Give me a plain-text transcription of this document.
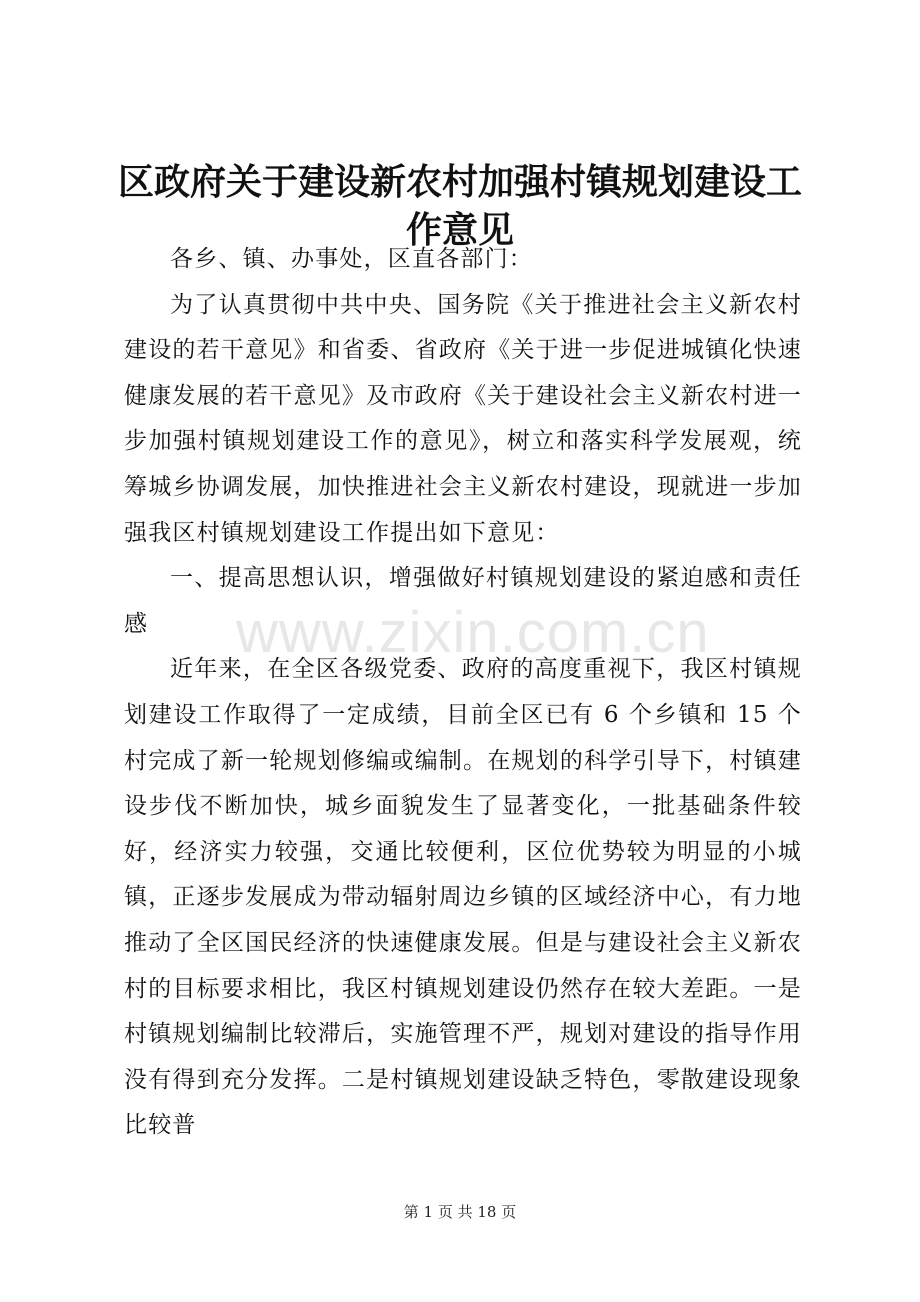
区政府关于建设新农村加强村镇规划建设工作意见

各乡、镇、办事处，区直各部门：

为了认真贯彻中共中央、国务院《关于推进社会主义新农村建设的若干意见》和省委、省政府《关于进一步促进城镇化快速健康发展的若干意见》及市政府《关于建设社会主义新农村进一步加强村镇规划建设工作的意见》，树立和落实科学发展观，统筹城乡协调发展，加快推进社会主义新农村建设，现就进一步加强我区村镇规划建设工作提出如下意见：

一、提高思想认识，增强做好村镇规划建设的紧迫感和责任感

近年来，在全区各级党委、政府的高度重视下，我区村镇规划建设工作取得了一定成绩，目前全区已有 6 个乡镇和 15 个村完成了新一轮规划修编或编制。在规划的科学引导下，村镇建设步伐不断加快，城乡面貌发生了显著变化，一批基础条件较好，经济实力较强，交通比较便利，区位优势较为明显的小城镇，正逐步发展成为带动辐射周边乡镇的区域经济中心，有力地推动了全区国民经济的快速健康发展。但是与建设社会主义新农村的目标要求相比，我区村镇规划建设仍然存在较大差距。一是村镇规划编制比较滞后，实施管理不严，规划对建设的指导作用没有得到充分发挥。二是村镇规划建设缺乏特色，零散建设现象比较普

www.zixin.com.cn
第 1 页 共 18 页
